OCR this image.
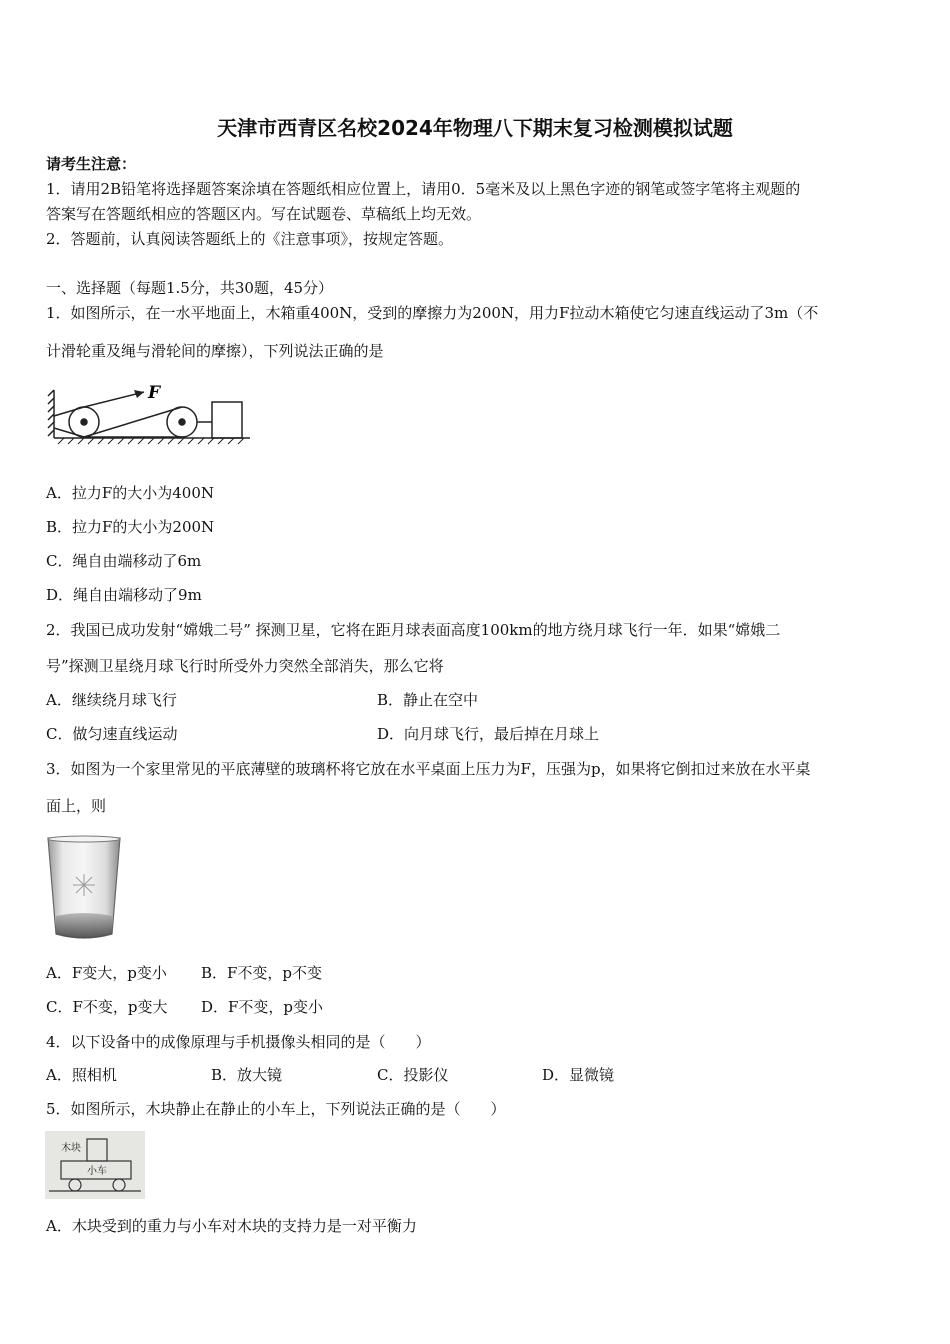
天津市西青区名校2024年物理八下期末复习检测模拟试题
请考生注意：
1．请用2B铅笔将选择题答案涂填在答题纸相应位置上，请用0．5毫米及以上黑色字迹的钢笔或签字笔将主观题的
答案写在答题纸相应的答题区内。写在试题卷、草稿纸上均无效。
2．答题前，认真阅读答题纸上的《注意事项》，按规定答题。
一、选择题（每题1.5分，共30题，45分）
1．如图所示，在一水平地面上，木箱重400N，受到的摩擦力为200N，用力F拉动木箱使它匀速直线运动了3m（不
计滑轮重及绳与滑轮间的摩擦），下列说法正确的是
F
A．拉力F的大小为400N
B．拉力F的大小为200N
C．绳自由端移动了6m
D．绳自由端移动了9m
2．我国已成功发射“嫦娥二号” 探测卫星，它将在距月球表面高度100km的地方绕月球飞行一年．如果“嫦娥二
号”探测卫星绕月球飞行时所受外力突然全部消失，那么它将
A．继续绕月球飞行	B．静止在空中
C．做匀速直线运动	D．向月球飞行，最后掉在月球上
3．如图为一个家里常见的平底薄壁的玻璃杯将它放在水平桌面上压力为F，压强为p，如果将它倒扣过来放在水平桌
面上，则
A．F变大，p变小 B．F不变，p不变
C．F不变，p变大 D．F不变，p变小
4．以下设备中的成像原理与手机摄像头相同的是（　　）
A．照相机	B．放大镜	C．投影仪	D．显微镜
5．如图所示，木块静止在静止的小车上，下列说法正确的是（　　）
木块
小车
A．木块受到的重力与小车对木块的支持力是一对平衡力
